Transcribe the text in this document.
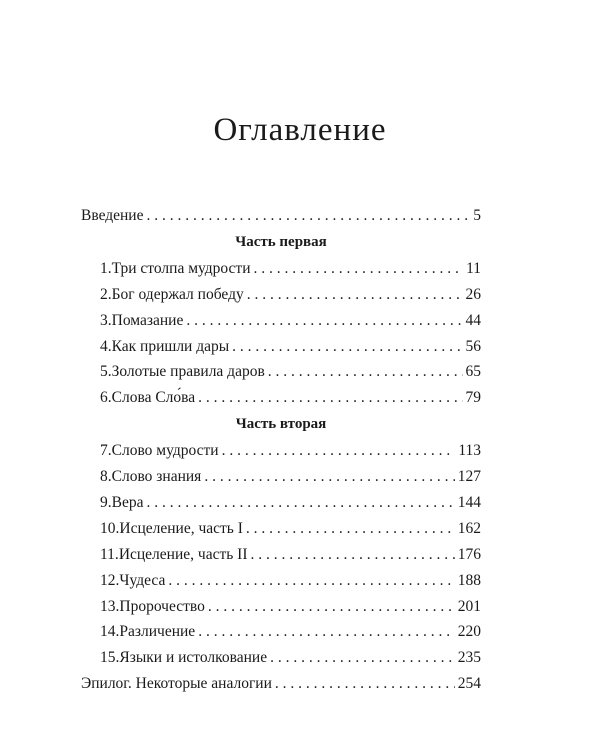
Оглавление
Введение . . .	5
Часть первая
1. Три столпа мудрости . . .	11
2. Бог одержал победу . . .	26
3. Помазание . . .	44
4. Как пришли дары . . .	56
5. Золотые правила даров . . .	65
6. Слова Сло́ва . . .	79
Часть вторая
7. Слово мудрости . . .	113
8. Слово знания . . .	127
9. Вера . . .	144
10. Исцеление, часть I . . .	162
11. Исцеление, часть II . . .	176
12. Чудеса . . .	188
13. Пророчество . . .	201
14. Различение . . .	220
15. Языки и истолкование . . .	235
Эпилог. Некоторые аналогии . . .	254
